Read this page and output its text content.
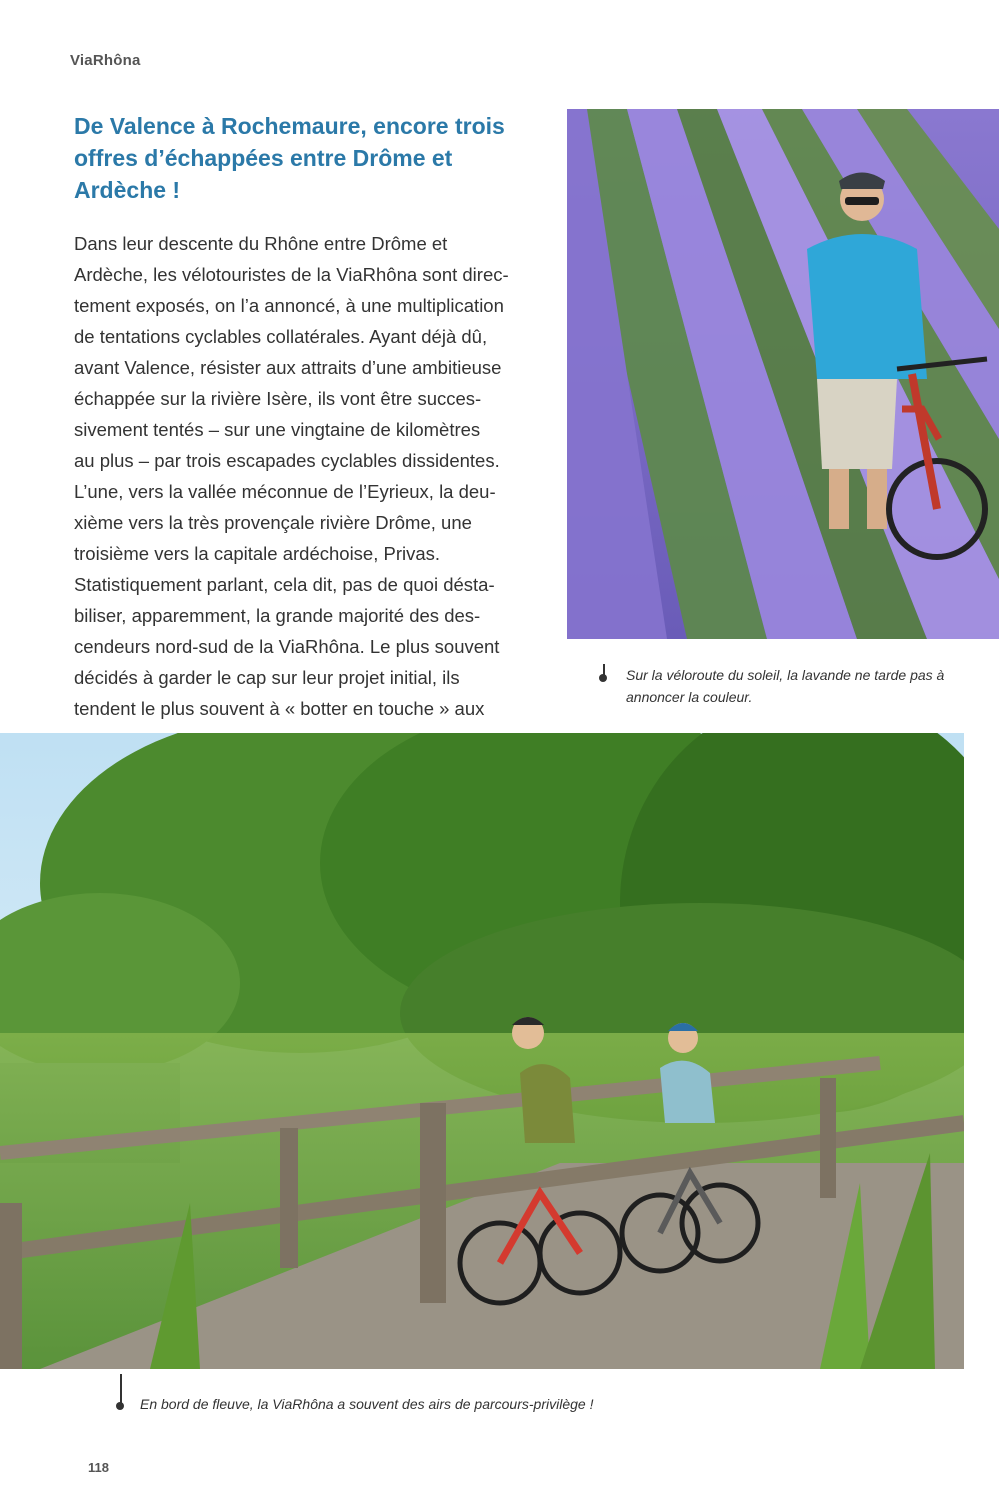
ViaRhôna
De Valence à Rochemaure, encore trois offres d’échappées entre Drôme et Ardèche !

Dans leur descente du Rhône entre Drôme et

Ardèche, les vélotouristes de la ViaRhôna sont direc-

tement exposés, on l’a annoncé, à une multiplication

de tentations cyclables collatérales. Ayant déjà dû,

avant Valence, résister aux attraits d’une ambitieuse

échappée sur la rivière Isère, ils vont être succes-

sivement tentés – sur une vingtaine de kilomètres

au plus – par trois escapades cyclables dissidentes.

L’une, vers la vallée méconnue de l’Eyrieux, la deu-

xième vers la très provençale rivière Drôme, une

troisième vers la capitale ardéchoise, Privas.

Statistiquement parlant, cela dit, pas de quoi désta-

biliser, apparemment, la grande majorité des des-

cendeurs nord-sud de la ViaRhôna. Le plus souvent

décidés à garder le cap sur leur projet initial, ils

tendent le plus souvent à « botter en touche » aux

Sur la véloroute du soleil, la lavande ne tarde pas à annoncer la couleur.
En bord de fleuve, la ViaRhôna a souvent des airs de parcours-privilège !
118
